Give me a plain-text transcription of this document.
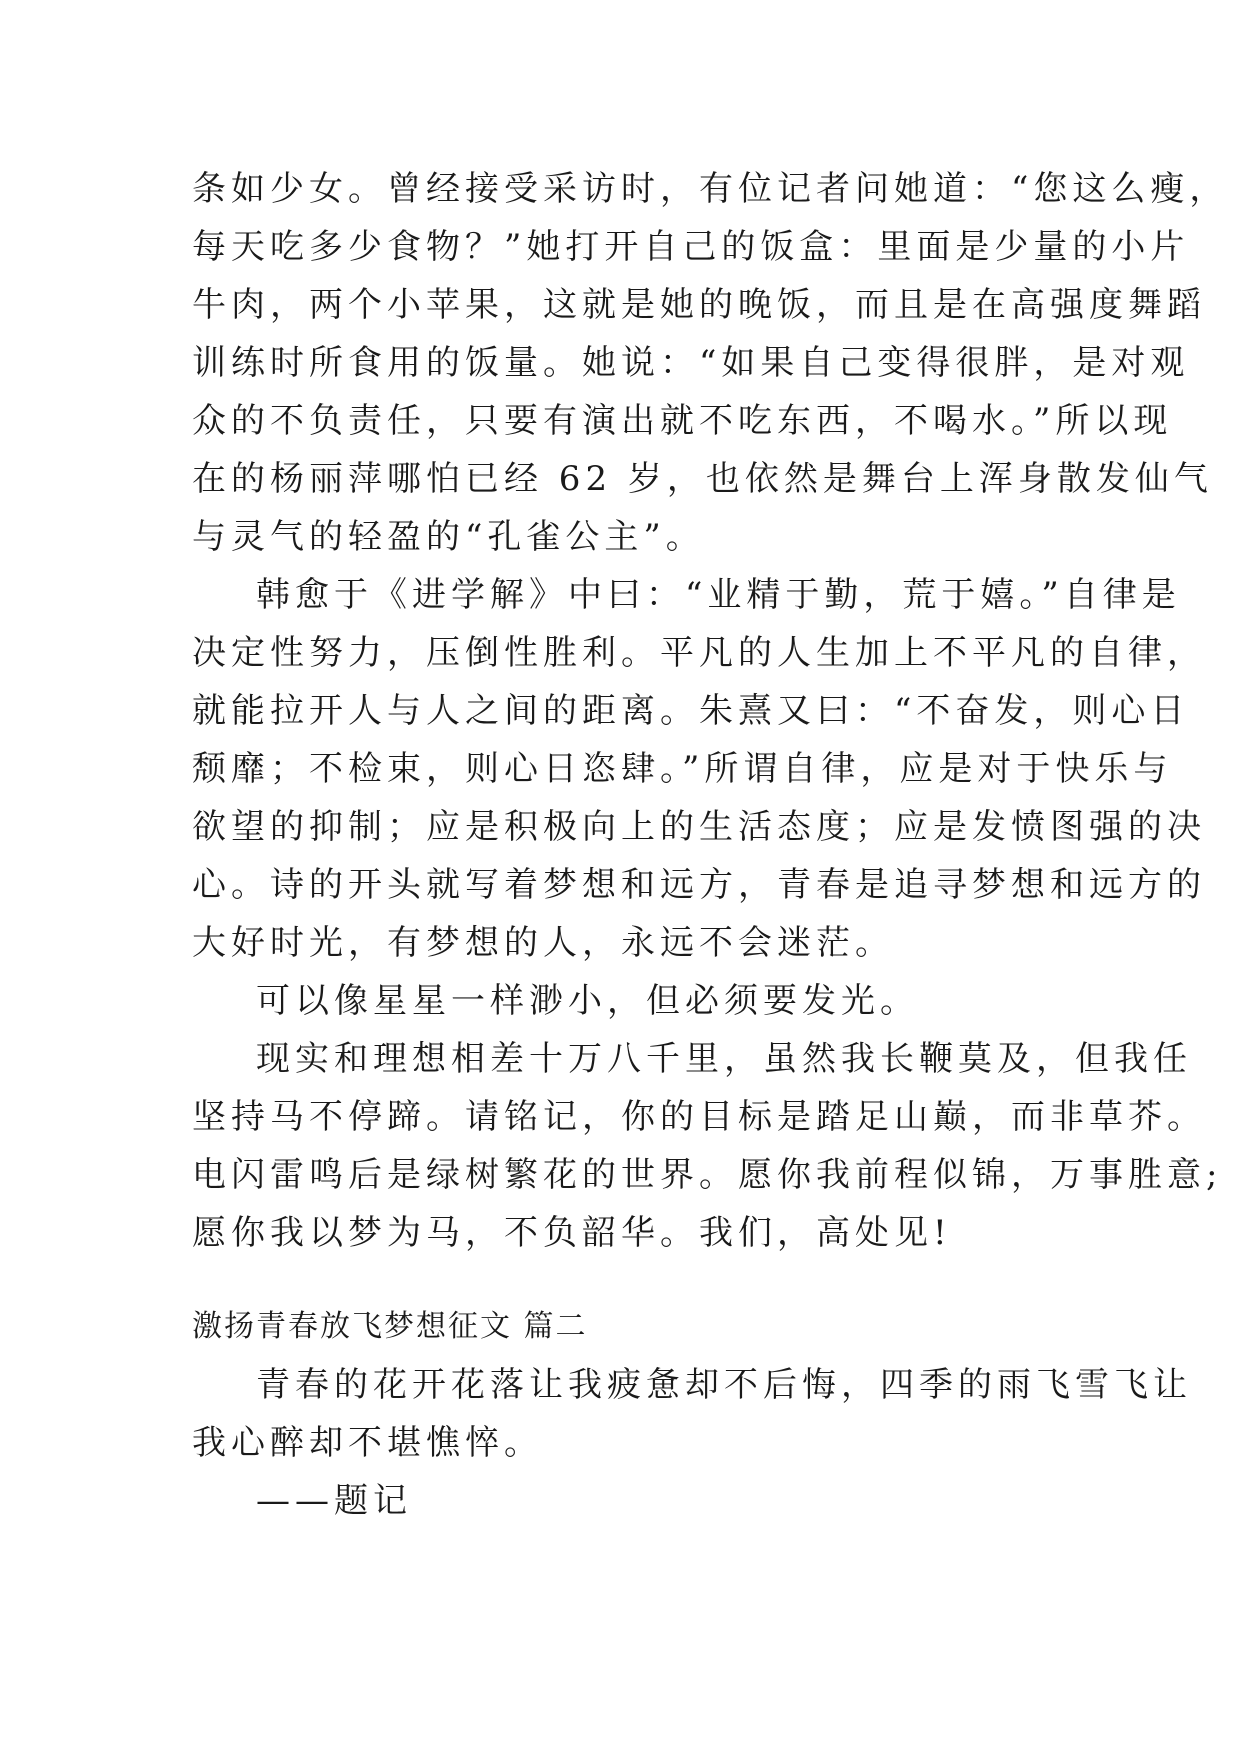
条如少女。曾经接受采访时，有位记者问她道：“您这么瘦，
每天吃多少食物？”她打开自己的饭盒：里面是少量的小片
牛肉，两个小苹果，这就是她的晚饭，而且是在高强度舞蹈
训练时所食用的饭量。她说：“如果自己变得很胖，是对观
众的不负责任，只要有演出就不吃东西，不喝水。”所以现
在的杨丽萍哪怕已经 62 岁，也依然是舞台上浑身散发仙气
与灵气的轻盈的“孔雀公主”。
韩愈于《进学解》中曰：“业精于勤，荒于嬉。”自律是
决定性努力，压倒性胜利。平凡的人生加上不平凡的自律，
就能拉开人与人之间的距离。朱熹又曰：“不奋发，则心日
颓靡；不检束，则心日恣肆。”所谓自律，应是对于快乐与
欲望的抑制；应是积极向上的生活态度；应是发愤图强的决
心。诗的开头就写着梦想和远方，青春是追寻梦想和远方的
大好时光，有梦想的人，永远不会迷茫。
可以像星星一样渺小，但必须要发光。
现实和理想相差十万八千里，虽然我长鞭莫及，但我任
坚持马不停蹄。请铭记，你的目标是踏足山巅，而非草芥。
电闪雷鸣后是绿树繁花的世界。愿你我前程似锦，万事胜意;
愿你我以梦为马，不负韶华。我们，高处见!
激扬青春放飞梦想征文 篇二
青春的花开花落让我疲惫却不后悔，四季的雨飞雪飞让
我心醉却不堪憔悴。
——题记
